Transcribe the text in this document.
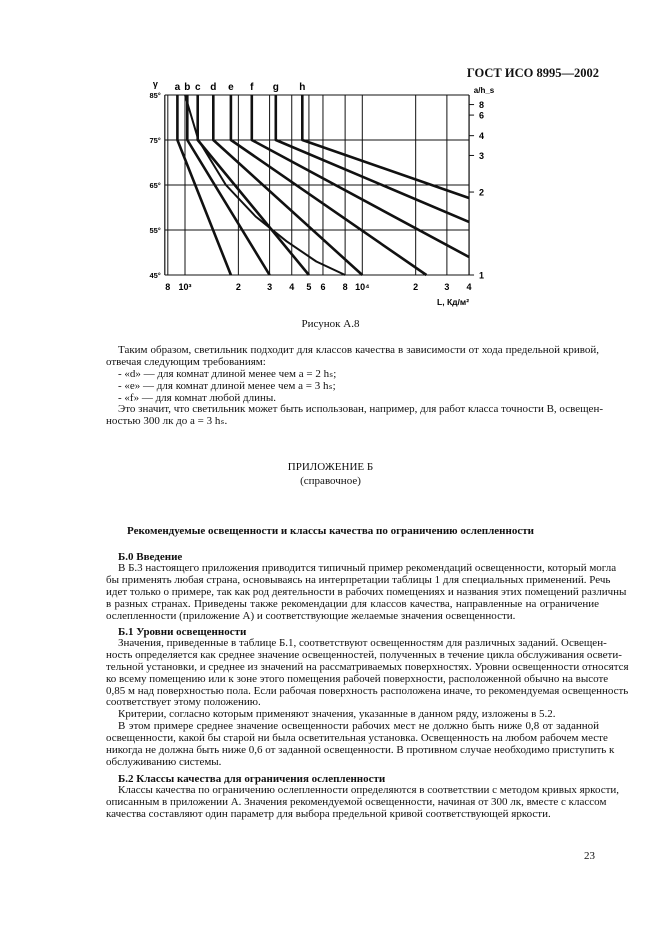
ГОСТ ИСО 8995—2002
8 10³	2	3 4 5 6 8 10⁴	2	3 4
85°
75°
65°
55°
45°
8
6
4
3
2
1
γ
a/h_s
L, Кд/м²
a b c d e f g h
Рисунок А.8
Таким образом, светильник подходит для классов качества в зависимости от хода предельной кривой,
отвечая следующим требованиям:
- «d» — для комнат длиной менее чем a = 2 hₛ;
- «e» — для комнат длиной менее чем a = 3 hₛ;
- «f» — для комнат любой длины.
Это значит, что светильник может быть использован, например, для работ класса точности B, освещен-
ностью 300 лк до a = 3 hₛ.
ПРИЛОЖЕНИЕ Б
(справочное)
Рекомендуемые освещенности и классы качества по ограничению ослепленности
Б.0 Введение
В Б.3 настоящего приложения приводится типичный пример рекомендаций освещенности, который могла
бы применять любая страна, основываясь на интерпретации таблицы 1 для специальных применений. Речь
идет только о примере, так как род деятельности в рабочих помещениях и названия этих помещений различны
в разных странах. Приведены также рекомендации для классов качества, направленные на ограничение
ослепленности (приложение А) и соответствующие желаемые значения освещенности.
Б.1 Уровни освещенности
Значения, приведенные в таблице Б.1, соответствуют освещенностям для различных заданий. Освещен-
ность определяется как среднее значение освещенностей, полученных в течение цикла обслуживания освети-
тельной установки, и среднее из значений на рассматриваемых поверхностях. Уровни освещенности относятся
ко всему помещению или к зоне этого помещения рабочей поверхности, расположенной обычно на высоте
0,85 м над поверхностью пола. Если рабочая поверхность расположена иначе, то рекомендуемая освещенность
соответствует этому положению.
Критерии, согласно которым применяют значения, указанные в данном ряду, изложены в 5.2.
В этом примере среднее значение освещенности рабочих мест не должно быть ниже 0,8 от заданной
освещенности, какой бы старой ни была осветительная установка. Освещенность на любом рабочем месте
никогда не должна быть ниже 0,6 от заданной освещенности. В противном случае необходимо приступить к
обслуживанию системы.
Б.2 Классы качества для ограничения ослепленности
Классы качества по ограничению ослепленности определяются в соответствии с методом кривых яркости,
описанным в приложении А. Значения рекомендуемой освещенности, начиная от 300 лк, вместе с классом
качества составляют один параметр для выбора предельной кривой соответствующей яркости.
23
